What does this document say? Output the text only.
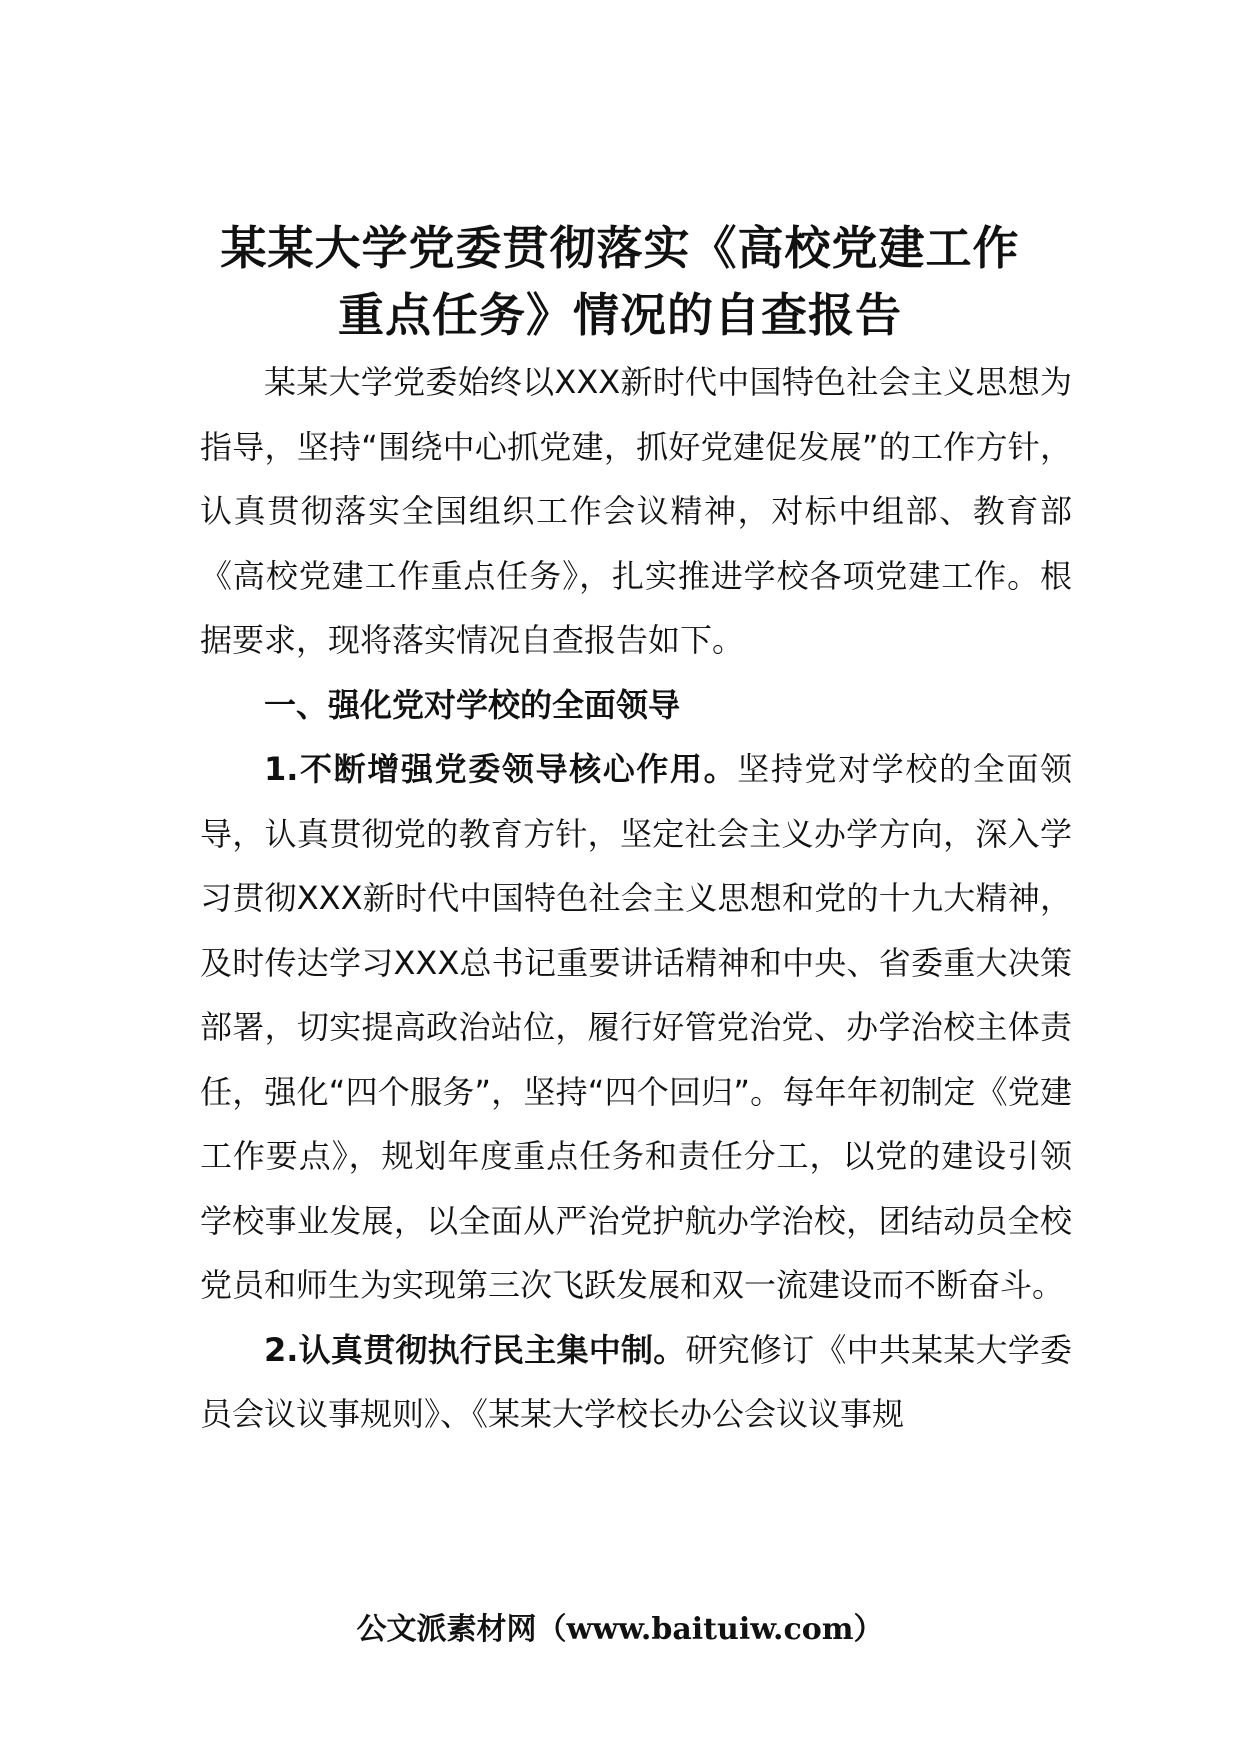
某某大学党委贯彻落实《高校党建工作
重点任务》情况的自查报告

某某大学党委始终以XXX新时代中国特色社会主义思想为指导，坚持“围绕中心抓党建，抓好党建促发展”的工作方针，认真贯彻落实全国组织工作会议精神，对标中组部、教育部《高校党建工作重点任务》，扎实推进学校各项党建工作。根据要求，现将落实情况自查报告如下。

一、强化党对学校的全面领导

1.不断增强党委领导核心作用。坚持党对学校的全面领导，认真贯彻党的教育方针，坚定社会主义办学方向，深入学习贯彻XXX新时代中国特色社会主义思想和党的十九大精神，及时传达学习XXX总书记重要讲话精神和中央、省委重大决策部署，切实提高政治站位，履行好管党治党、办学治校主体责任，强化“四个服务”，坚持“四个回归”。每年年初制定《党建工作要点》，规划年度重点任务和责任分工，以党的建设引领学校事业发展，以全面从严治党护航办学治校，团结动员全校党员和师生为实现第三次飞跃发展和双一流建设而不断奋斗。

2.认真贯彻执行民主集中制。研究修订《中共某某大学委员会议议事规则》、《某某大学校长办公会议议事规

公文派素材网（www.baituiw.com）
